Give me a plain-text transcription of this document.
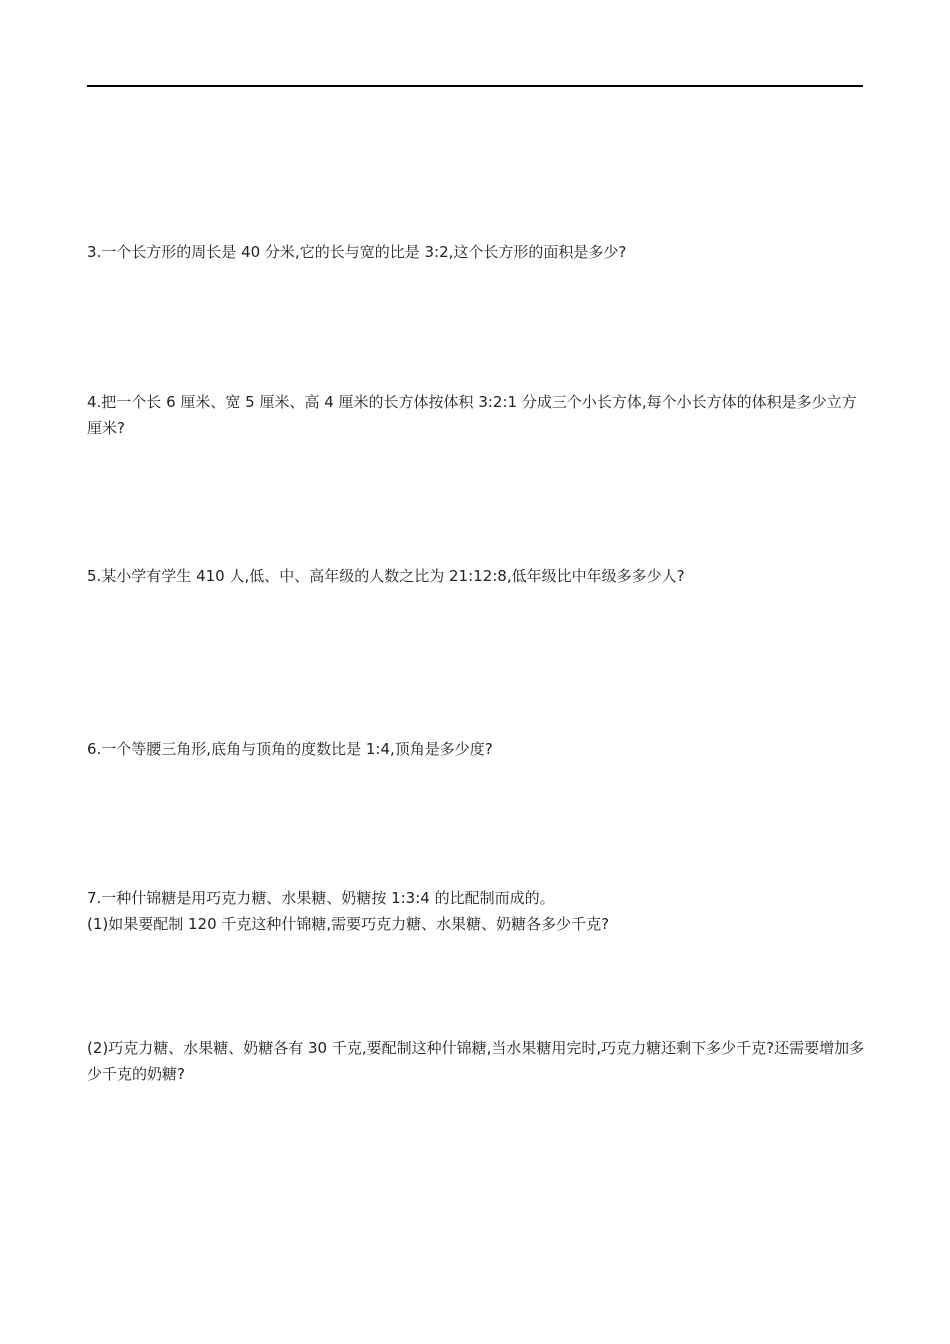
3.一个长方形的周长是 40 分米,它的长与宽的比是 3:2,这个长方形的面积是多少?
4.把一个长 6 厘米、宽 5 厘米、高 4 厘米的长方体按体积 3:2:1 分成三个小长方体,每个小长方体的体积是多少立方厘米?
5.某小学有学生 410 人,低、中、高年级的人数之比为 21:12:8,低年级比中年级多多少人?
6.一个等腰三角形,底角与顶角的度数比是 1:4,顶角是多少度?
7.一种什锦糖是用巧克力糖、水果糖、奶糖按 1:3:4 的比配制而成的。
(1)如果要配制 120 千克这种什锦糖,需要巧克力糖、水果糖、奶糖各多少千克?
(2)巧克力糖、水果糖、奶糖各有 30 千克,要配制这种什锦糖,当水果糖用完时,巧克力糖还剩下多少千克?还需要增加多少千克的奶糖?
